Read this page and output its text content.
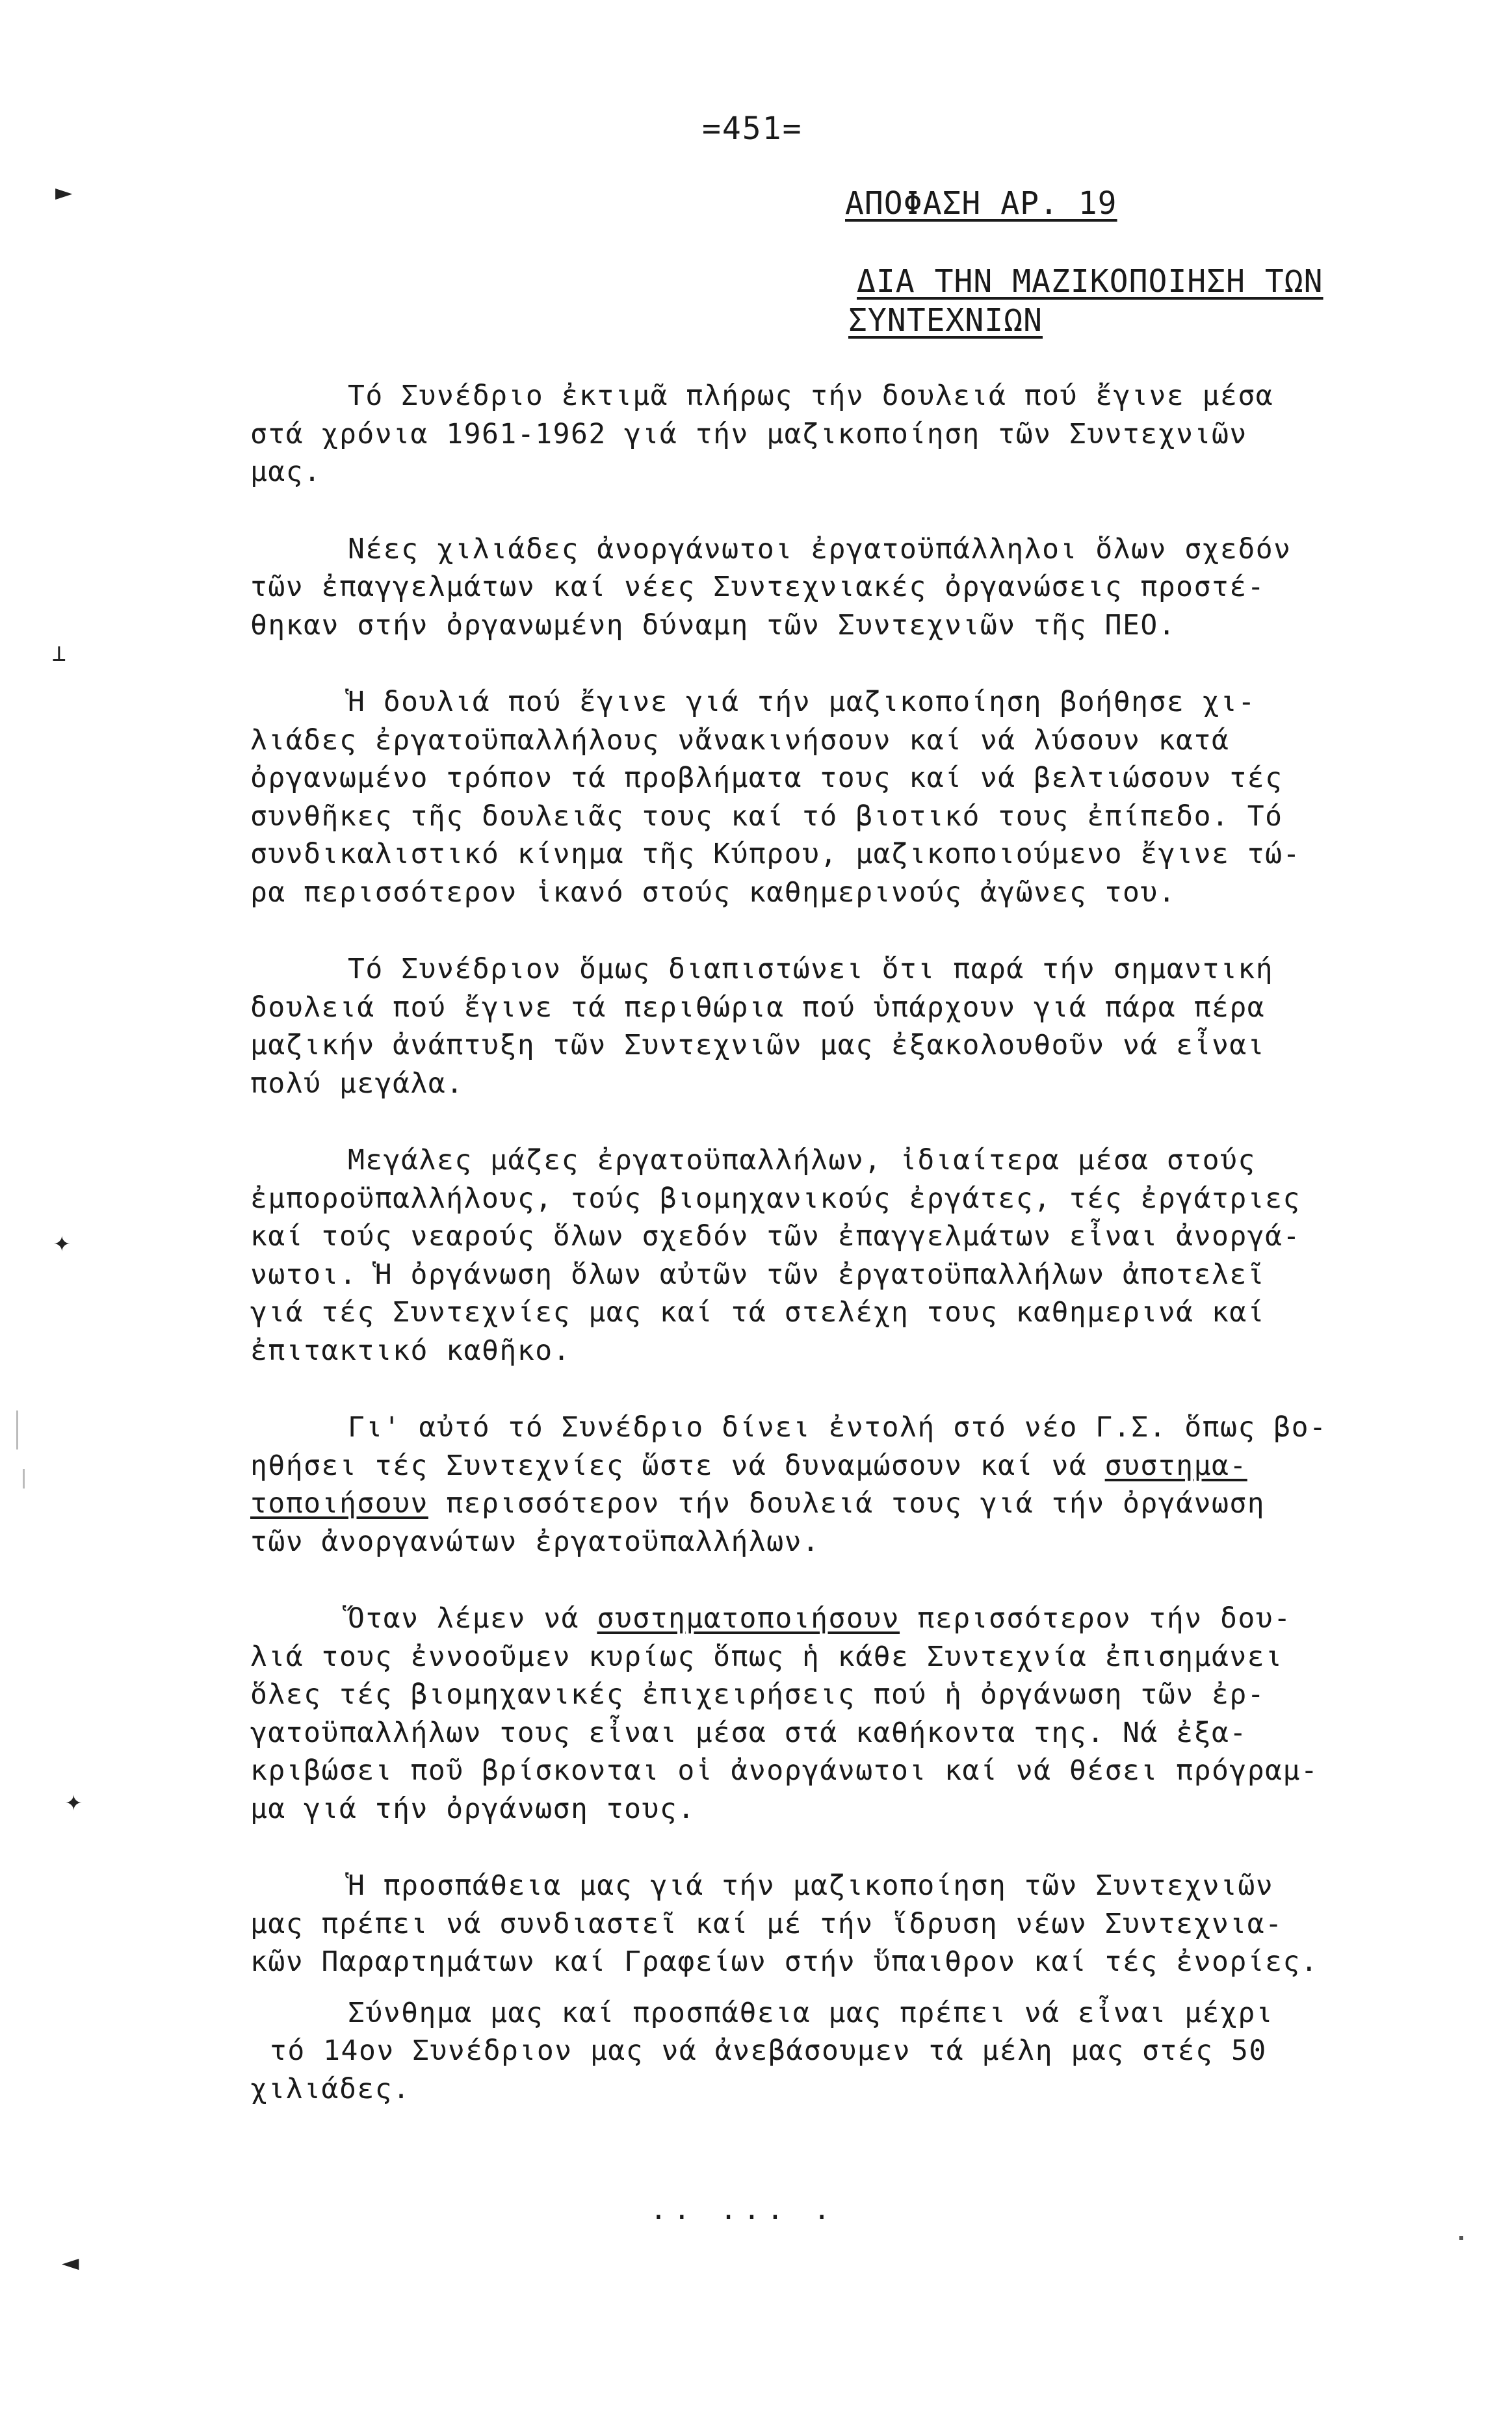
►
⟂
✦
✦
◄
=451=
ΑΠΟΦΑΣΗ ΑΡ. 19
ΔΙΑ ΤΗΝ ΜΑΖΙΚΟΠΟΙΗΣΗ ΤΩΝ
ΣΥΝΤΕΧΝΙΩΝ
Τό Συνέδριο ἐκτιμᾶ πλήρως τήν δουλειά πού ἔγινε μέσα
στά χρόνια 1961-1962 γιά τήν μαζικοποίηση τῶν Συντεχνιῶν
μας.
Νέες χιλιάδες ἀνοργάνωτοι ἐργατοϋπάλληλοι ὅλων σχεδόν
τῶν ἐπαγγελμάτων καί νέες Συντεχνιακές ὀργανώσεις προστέ-
θηκαν στήν ὀργανωμένη δύναμη τῶν Συντεχνιῶν τῆς ΠΕΟ.
Ἡ δουλιά πού ἔγινε γιά τήν μαζικοποίηση βοήθησε χι-
λιάδες ἐργατοϋπαλλήλους νἄνακινήσουν καί νά λύσουν κατά
ὀργανωμένο τρόπον τά προβλήματα τους καί νά βελτιώσουν τές
συνθῆκες τῆς δουλειᾶς τους καί τό βιοτικό τους ἐπίπεδο. Τό
συνδικαλιστικό κίνημα τῆς Κύπρου, μαζικοποιούμενο ἔγινε τώ-
ρα περισσότερον ἱκανό στούς καθημερινούς ἀγῶνες του.
Τό Συνέδριον ὅμως διαπιστώνει ὅτι παρά τήν σημαντική
δουλειά πού ἔγινε τά περιθώρια πού ὑπάρχουν γιά πάρα πέρα
μαζικήν ἀνάπτυξη τῶν Συντεχνιῶν μας ἐξακολουθοῦν νά εἶναι
πολύ μεγάλα.
Μεγάλες μάζες ἐργατοϋπαλλήλων, ἰδιαίτερα μέσα στούς
ἐμποροϋπαλλήλους, τούς βιομηχανικούς ἐργάτες, τές ἐργάτριες
καί τούς νεαρούς ὅλων σχεδόν τῶν ἐπαγγελμάτων εἶναι ἀνοργά-
νωτοι. Ἡ ὀργάνωση ὅλων αὐτῶν τῶν ἐργατοϋπαλλήλων ἀποτελεῖ
γιά τές Συντεχνίες μας καί τά στελέχη τους καθημερινά καί
ἐπιτακτικό καθῆκο.
Γι' αὐτό τό Συνέδριο δίνει ἐντολή στό νέο Γ.Σ. ὅπως βο-
ηθήσει τές Συντεχνίες ὥστε νά δυναμώσουν καί νά συστημα-
τοποιήσουν περισσότερον τήν δουλειά τους γιά τήν ὀργάνωση
τῶν ἀνοργανώτων ἐργατοϋπαλλήλων.
Ὅταν λέμεν νά συστηματοποιήσουν περισσότερον τήν δου-
λιά τους ἐννοοῦμεν κυρίως ὅπως ἡ κάθε Συντεχνία ἐπισημάνει
ὅλες τές βιομηχανικές ἐπιχειρήσεις πού ἡ ὀργάνωση τῶν ἐρ-
γατοϋπαλλήλων τους εἶναι μέσα στά καθήκοντα της. Νά ἐξα-
κριβώσει ποῦ βρίσκονται οἱ ἀνοργάνωτοι καί νά θέσει πρόγραμ-
μα γιά τήν ὀργάνωση τους.
Ἡ προσπάθεια μας γιά τήν μαζικοποίηση τῶν Συντεχνιῶν
μας πρέπει νά συνδιαστεῖ καί μέ τήν ἵδρυση νέων Συντεχνια-
κῶν Παραρτημάτων καί Γραφείων στήν ὕπαιθρον καί τές ἐνορίες.
Σύνθημα μας καί προσπάθεια μας πρέπει νά εἶναι μέχρι
τό 14ον Συνέδριον μας νά ἀνεβάσουμεν τά μέλη μας στές 50
χιλιάδες.
.. ... .
